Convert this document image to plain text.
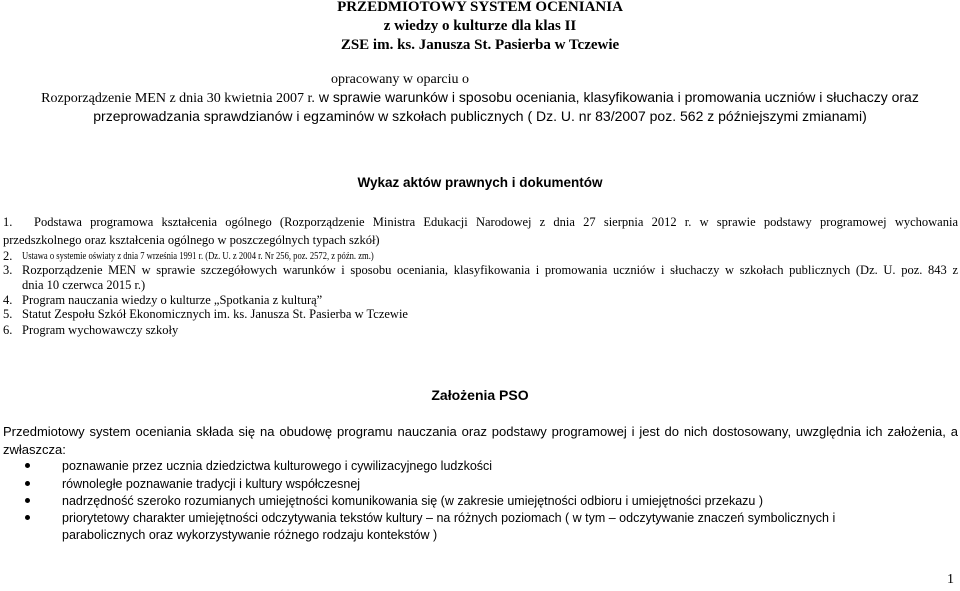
PRZEDMIOTOWY SYSTEM OCENIANIA
z wiedzy o kulturze dla klas II
ZSE im. ks. Janusza St. Pasierba w Tczewie
opracowany w oparciu o
Rozporządzenie MEN z dnia 30 kwietnia 2007 r. w sprawie warunków i sposobu oceniania, klasyfikowania i promowania uczniów i słuchaczy oraz
przeprowadzania sprawdzianów i egzaminów w szkołach publicznych ( Dz. U. nr 83/2007 poz. 562 z późniejszymi zmianami)
Wykaz aktów prawnych i dokumentów
1. Podstawa programowa kształcenia ogólnego (Rozporządzenie Ministra Edukacji Narodowej z dnia 27 sierpnia 2012 r. w sprawie podstawy programowej wychowania
przedszkolnego oraz kształcenia ogólnego w poszczególnych typach szkół)
2. Ustawa o systemie oświaty z dnia 7 września 1991 r. (Dz. U. z 2004 r. Nr 256, poz. 2572, z późn. zm.)
3. Rozporządzenie MEN w sprawie szczegółowych warunków i sposobu oceniania, klasyfikowania i promowania uczniów i słuchaczy w szkołach publicznych (Dz. U. poz. 843 z
dnia 10 czerwca 2015 r.)
4. Program nauczania wiedzy o kulturze „Spotkania z kulturą”
5. Statut Zespołu Szkół Ekonomicznych im. ks. Janusza St. Pasierba w Tczewie
6. Program wychowawczy szkoły
Założenia PSO
Przedmiotowy system oceniania składa się na obudowę programu nauczania oraz podstawy programowej i jest do nich dostosowany, uwzględnia ich założenia, a
zwłaszcza:
poznawanie przez ucznia dziedzictwa kulturowego i cywilizacyjnego ludzkości
równoległe poznawanie tradycji i kultury współczesnej
nadrzędność szeroko rozumianych umiejętności komunikowania się (w zakresie umiejętności odbioru i umiejętności przekazu )
priorytetowy charakter umiejętności odczytywania tekstów kultury – na różnych poziomach ( w tym – odczytywanie znaczeń symbolicznych i
parabolicznych oraz wykorzystywanie różnego rodzaju kontekstów )
1
